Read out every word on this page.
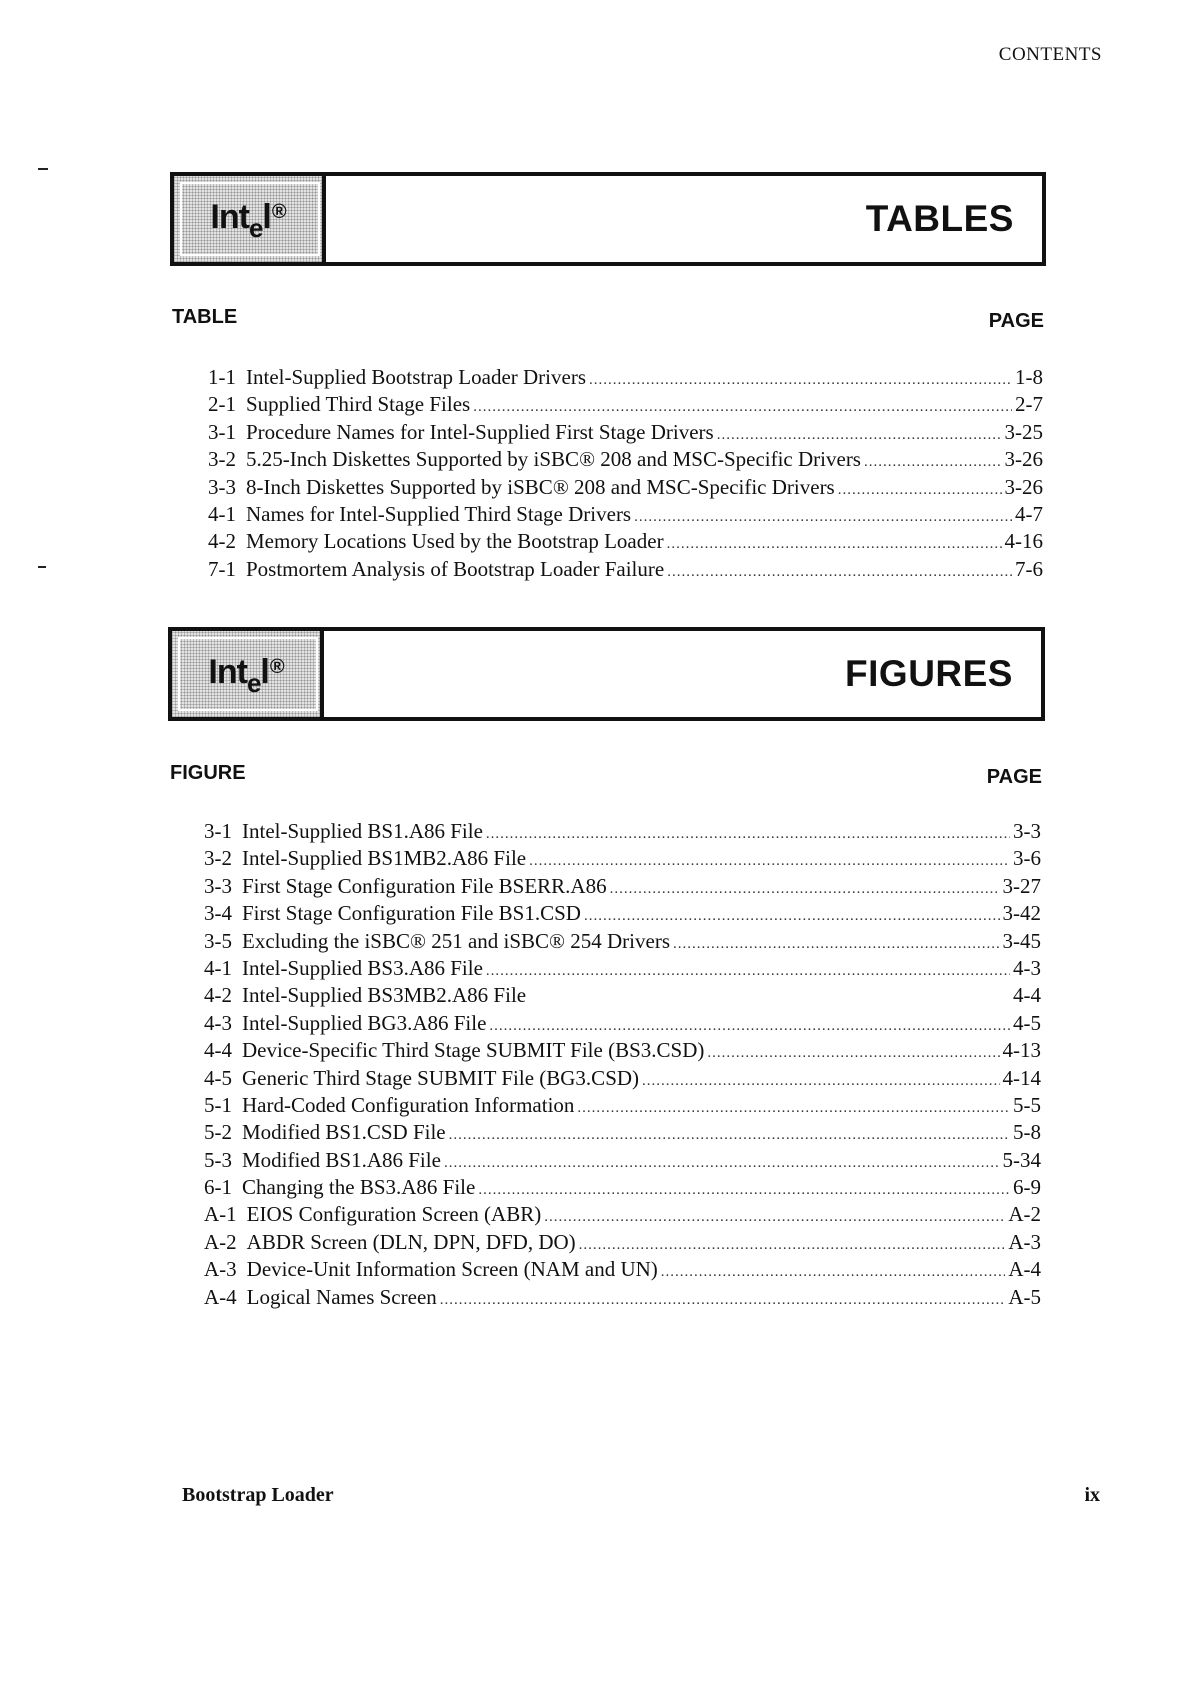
CONTENTS
Int$_e$l®	TABLES
TABLE	PAGE
1-1 Intel-Supplied Bootstrap Loader Drivers .....	1-8
2-1 Supplied Third Stage Files .....	2-7
3-1 Procedure Names for Intel-Supplied First Stage Drivers .....	3-25
3-2 5.25-Inch Diskettes Supported by iSBC® 208 and MSC-Specific Drivers .....	3-26
3-3 8-Inch Diskettes Supported by iSBC® 208 and MSC-Specific Drivers .....	3-26
4-1 Names for Intel-Supplied Third Stage Drivers .....	4-7
4-2 Memory Locations Used by the Bootstrap Loader .....	4-16
7-1 Postmortem Analysis of Bootstrap Loader Failure .....	7-6
Int$_e$l®	FIGURES
FIGURE	PAGE
3-1 Intel-Supplied BS1.A86 File .....	3-3
3-2 Intel-Supplied BS1MB2.A86 File .....	3-6
3-3 First Stage Configuration File BSERR.A86 .....	3-27
3-4 First Stage Configuration File BS1.CSD .....	3-42
3-5 Excluding the iSBC® 251 and iSBC® 254 Drivers .....	3-45
4-1 Intel-Supplied BS3.A86 File .....	4-3
4-2 Intel-Supplied BS3MB2.A86 File	4-4
4-3 Intel-Supplied BG3.A86 File .....	4-5
4-4 Device-Specific Third Stage SUBMIT File (BS3.CSD) .....	4-13
4-5 Generic Third Stage SUBMIT File (BG3.CSD) .....	4-14
5-1 Hard-Coded Configuration Information .....	5-5
5-2 Modified BS1.CSD File .....	5-8
5-3 Modified BS1.A86 File .....	5-34
6-1 Changing the BS3.A86 File .....	6-9
A-1 EIOS Configuration Screen (ABR) .....	A-2
A-2 ABDR Screen (DLN, DPN, DFD, DO) .....	A-3
A-3 Device-Unit Information Screen (NAM and UN) .....	A-4
A-4 Logical Names Screen .....	A-5
Bootstrap Loader	ix
